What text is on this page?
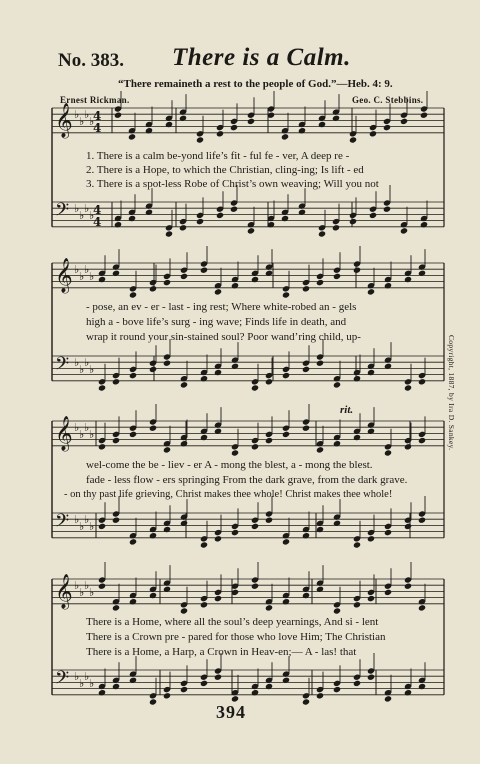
No. 383. There is a Calm.
“There remaineth a rest to the people of God.”—Heb. 4: 9.
Ernest Rickman.	Geo. C. Stebbins.
𝄞 ♭
♭
♭
♭
𝄢 ♭
♭
♭
♭
𝄞 ♭
♭
♭
♭
𝄢 ♭
♭
♭
♭
𝄞 ♭
♭
♭
♭
𝄢 ♭
♭
♭
♭
𝄞 ♭
♭
♭
♭
𝄢 ♭
♭
♭
♭
4
4
4
4
1. There is a calm be-yond life’s fit - ful fe - ver, A deep re -
2. There is a Hope, to which the Christian, cling-ing; Is lift - ed
3. There is a spot-less Robe of Christ’s own weaving; Will you not
- pose, an ev - er - last - ing rest; Where white-robed an - gels
high a - bove life’s surg - ing wave; Finds life in death, and
wrap it round your sin-stained soul? Poor wand’ring child, up-
wel-come the be - liev - er A - mong the blest, a - mong the blest.
fade - less flow - ers springing From the dark grave, from the dark grave.
- on thy past life grieving, Christ makes thee whole! Christ makes thee whole!
There is a Home, where all the soul’s deep yearnings, And si - lent
There is a Crown pre - pared for those who love Him; The Christian
There is a Home, a Harp, a Crown in Heav-en;— A - las! that
rit.	Copyright, 1887, by Ira D. Sankey.
394
